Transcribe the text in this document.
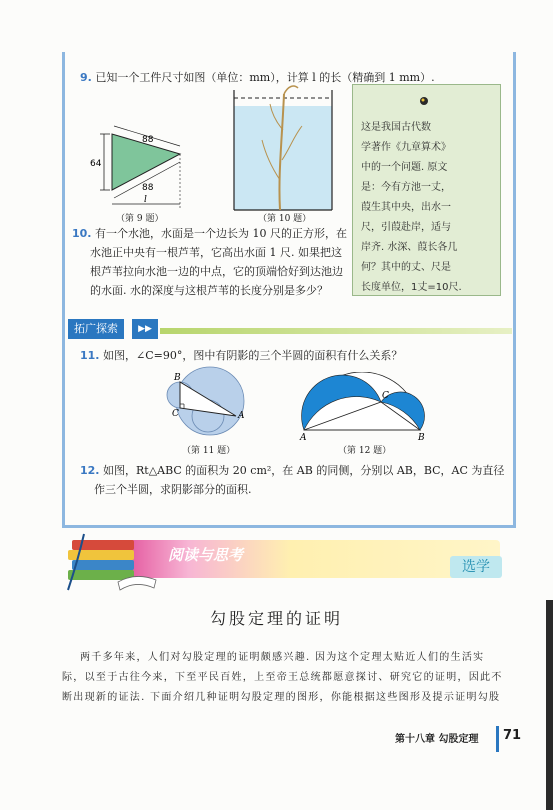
9. 已知一个工件尺寸如图（单位：mm），计算 l 的长（精确到 1 mm）.
88
88
64
l
（第 9 题）	（第 10 题）
10. 有一个水池，水面是一个边长为 10 尺的正方形，在
水池正中央有一根芦苇，它高出水面 1 尺. 如果把这
根芦苇拉向水池一边的中点，它的顶端恰好到达池边
的水面. 水的深度与这根芦苇的长度分别是多少？
这是我国古代数
学著作《九章算术》
中的一个问题. 原文
是：今有方池一丈，
葭生其中央，出水一
尺，引葭赴岸，适与
岸齐. 水深、葭长各几
何？其中的丈、尺是
长度单位，1丈=10尺.
拓广探索	▶▶
11. 如图，∠C=90°，图中有阴影的三个半圆的面积有什么关系？
B
C	A
（第 11 题）
A	B
C
（第 12 题）
12. 如图，Rt△ABC 的面积为 20 cm²，在 AB 的同侧，分别以 AB，BC，AC 为直径
作三个半圆，求阴影部分的面积.
阅读与思考
选学
勾股定理的证明
两千多年来，人们对勾股定理的证明颇感兴趣. 因为这个定理太贴近人们的生活实
际，以至于古往今来，下至平民百姓，上至帝王总统都愿意探讨、研究它的证明，因此不
断出现新的证法. 下面介绍几种证明勾股定理的图形，你能根据这些图形及提示证明勾股
第十八章 勾股定理 71
